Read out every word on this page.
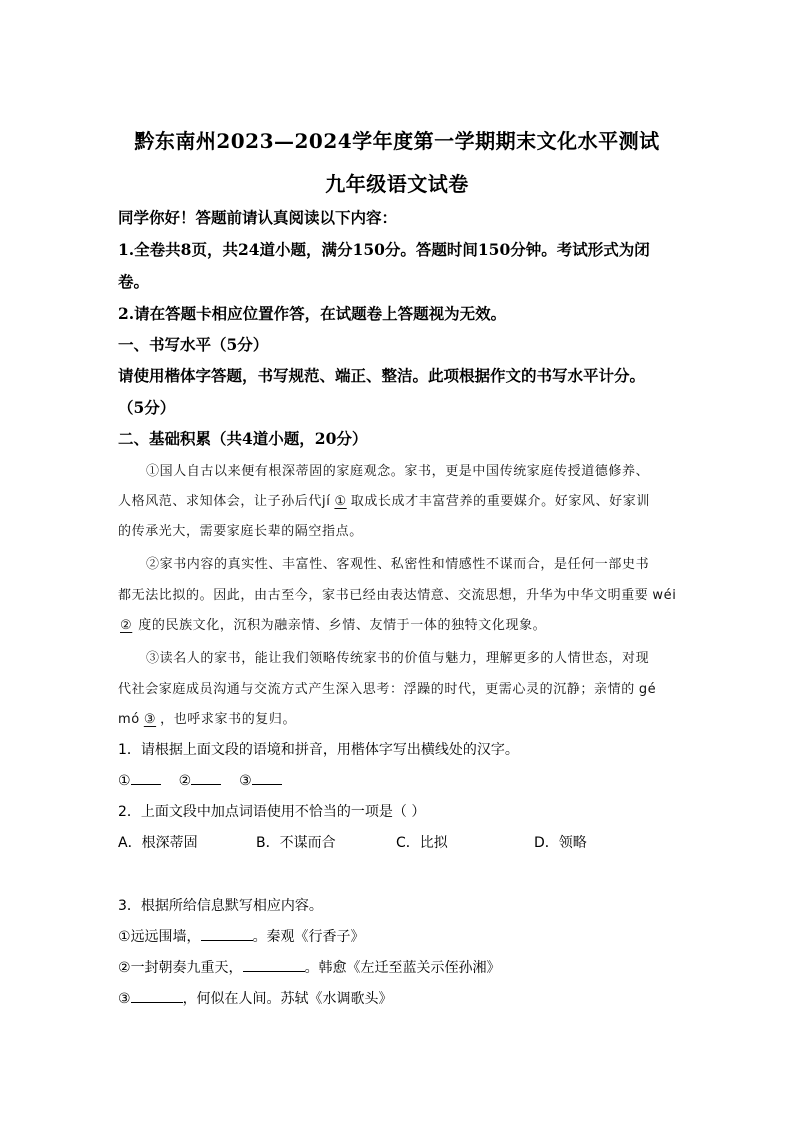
黔东南州2023—2024学年度第一学期期末文化水平测试
九年级语文试卷
同学你好！答题前请认真阅读以下内容：
1.全卷共8页，共24道小题，满分150分。答题时间150分钟。考试形式为闭
卷。
2.请在答题卡相应位置作答，在试题卷上答题视为无效。
一、书写水平（5分）
请使用楷体字答题，书写规范、端正、整洁。此项根据作文的书写水平计分。
（5分）
二、基础积累（共4道小题，20分）
①国人自古以来便有根深蒂固的家庭观念。家书，更是中国传统家庭传授道德修养、
人格风范、求知体会，让子孙后代jí ① 取成长成才丰富营养的重要媒介。好家风、好家训
的传承光大，需要家庭长辈的隔空指点。
②家书内容的真实性、丰富性、客观性、私密性和情感性不谋而合，是任何一部史书
都无法比拟的。因此，由古至今，家书已经由表达情意、交流思想，升华为中华文明重要 wéi
② 度的民族文化，沉积为融亲情、乡情、友情于一体的独特文化现象。
③读名人的家书，能让我们领略传统家书的价值与魅力，理解更多的人情世态，对现
代社会家庭成员沟通与交流方式产生深入思考：浮躁的时代，更需心灵的沉静；亲情的 gé
mó ③ ，也呼求家书的复归。
1．请根据上面文段的语境和拼音，用楷体字写出横线处的汉字。
①	②	③
2．上面文段中加点词语使用不恰当的一项是（ ）
A．根深蒂固	B．不谋而合	C．比拟	D．领略
3．根据所给信息默写相应内容。
①远远围墙，	。秦观《行香子》
②一封朝奏九重天，	。韩愈《左迁至蓝关示侄孙湘》
③	，何似在人间。苏轼《水调歌头》
